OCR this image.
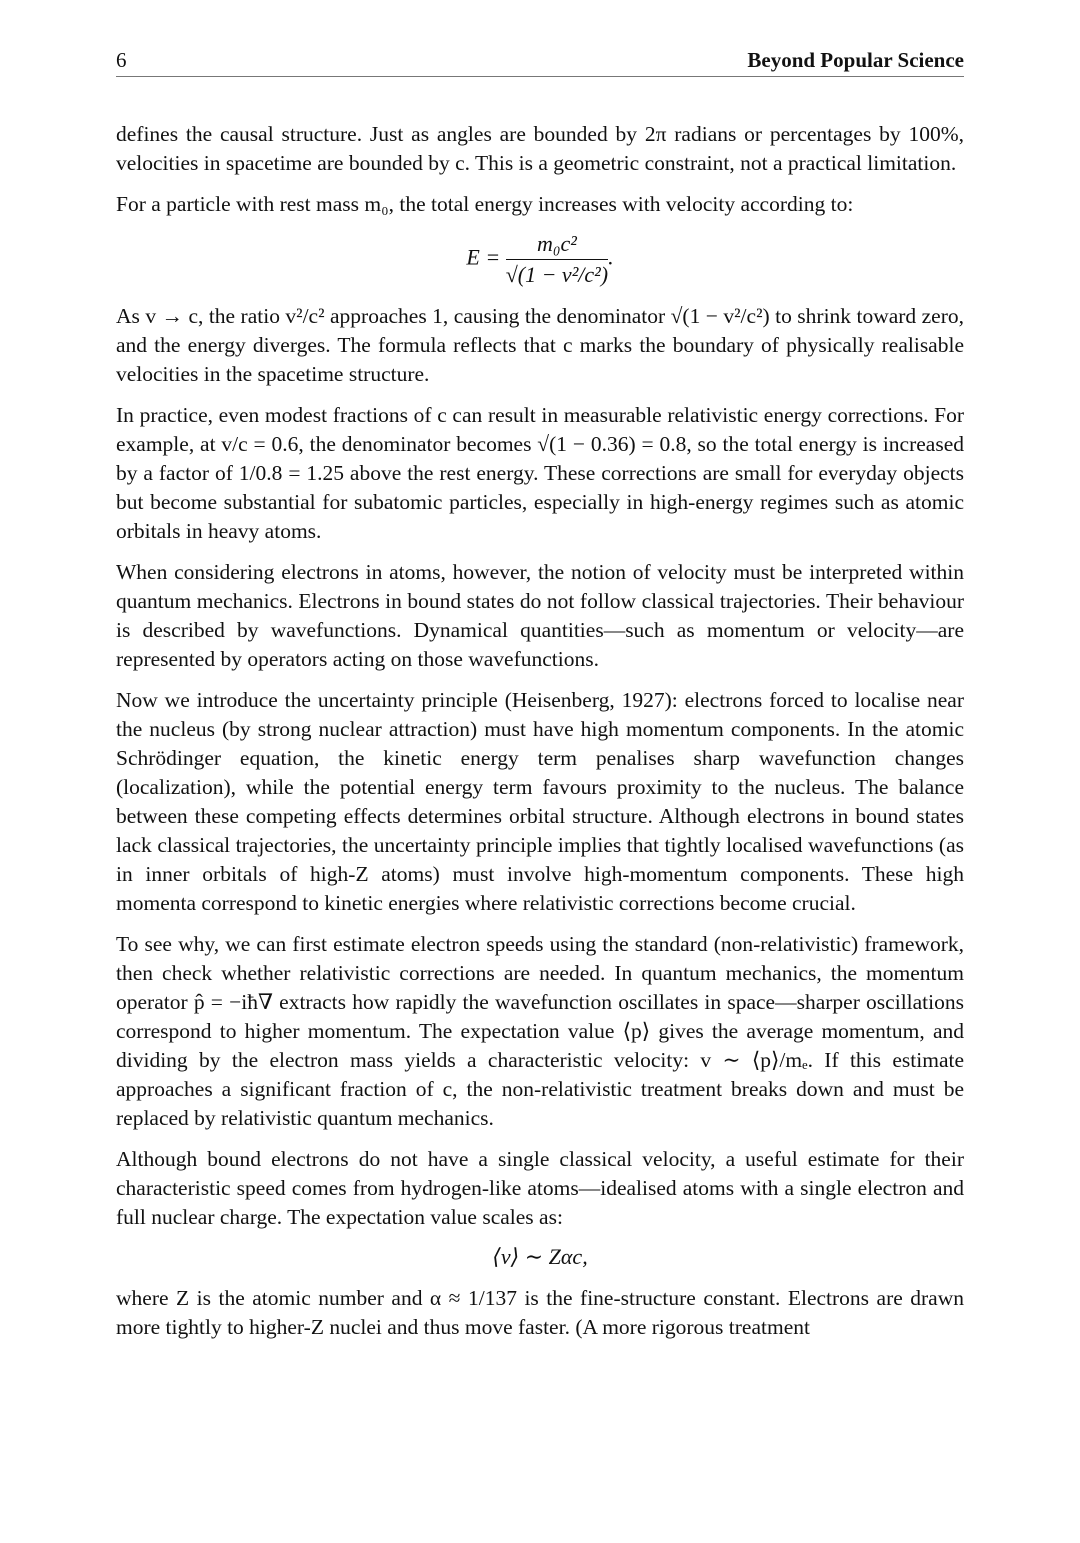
6	Beyond Popular Science

defines the causal structure. Just as angles are bounded by 2π radians or percentages by 100%, velocities in spacetime are bounded by c. This is a geometric constraint, not a practical limitation.

For a particle with rest mass m₀, the total energy increases with velocity according to:

$E = \frac{\text{m₀c²}}{\text{√(1 − v²/c²)}}$ .

As v → c, the ratio v²/c² approaches 1, causing the denominator √(1 − v²/c²) to shrink toward zero, and the energy diverges. The formula reflects that c marks the boundary of physically realisable velocities in the spacetime structure.

In practice, even modest fractions of c can result in measurable relativistic energy corrections. For example, at v/c = 0.6, the denominator becomes √(1 − 0.36) = 0.8, so the total energy is increased by a factor of 1/0.8 = 1.25 above the rest energy. These corrections are small for everyday objects but become substantial for subatomic particles, especially in high-energy regimes such as atomic orbitals in heavy atoms.

When considering electrons in atoms, however, the notion of velocity must be interpreted within quantum mechanics. Electrons in bound states do not follow classical trajectories. Their behaviour is described by wavefunctions. Dynamical quantities—such as momentum or velocity—are represented by operators acting on those wavefunctions.

Now we introduce the uncertainty principle (Heisenberg, 1927): electrons forced to localise near the nucleus (by strong nuclear attraction) must have high momentum components. In the atomic Schrödinger equation, the kinetic energy term penalises sharp wavefunction changes (localization), while the potential energy term favours proximity to the nucleus. The balance between these competing effects determines orbital structure. Although electrons in bound states lack classical trajectories, the uncertainty principle implies that tightly localised wavefunctions (as in inner orbitals of high-Z atoms) must involve high-momentum components. These high momenta correspond to kinetic energies where relativistic corrections become crucial.

To see why, we can first estimate electron speeds using the standard (non-relativistic) framework, then check whether relativistic corrections are needed. In quantum mechanics, the momentum operator p̂ = −iħ∇ extracts how rapidly the wavefunction oscillates in space—sharper oscillations correspond to higher momentum. The expectation value ⟨p⟩ gives the average momentum, and dividing by the electron mass yields a characteristic velocity: v ∼ ⟨p⟩/mₑ. If this estimate approaches a significant fraction of c, the non-relativistic treatment breaks down and must be replaced by relativistic quantum mechanics.

Although bound electrons do not have a single classical velocity, a useful estimate for their characteristic speed comes from hydrogen-like atoms—idealised atoms with a single electron and full nuclear charge. The expectation value scales as:

⟨v⟩ ∼ Zαc,

where Z is the atomic number and α ≈ 1/137 is the fine-structure constant. Electrons are drawn more tightly to higher-Z nuclei and thus move faster. (A more rigorous treatment
